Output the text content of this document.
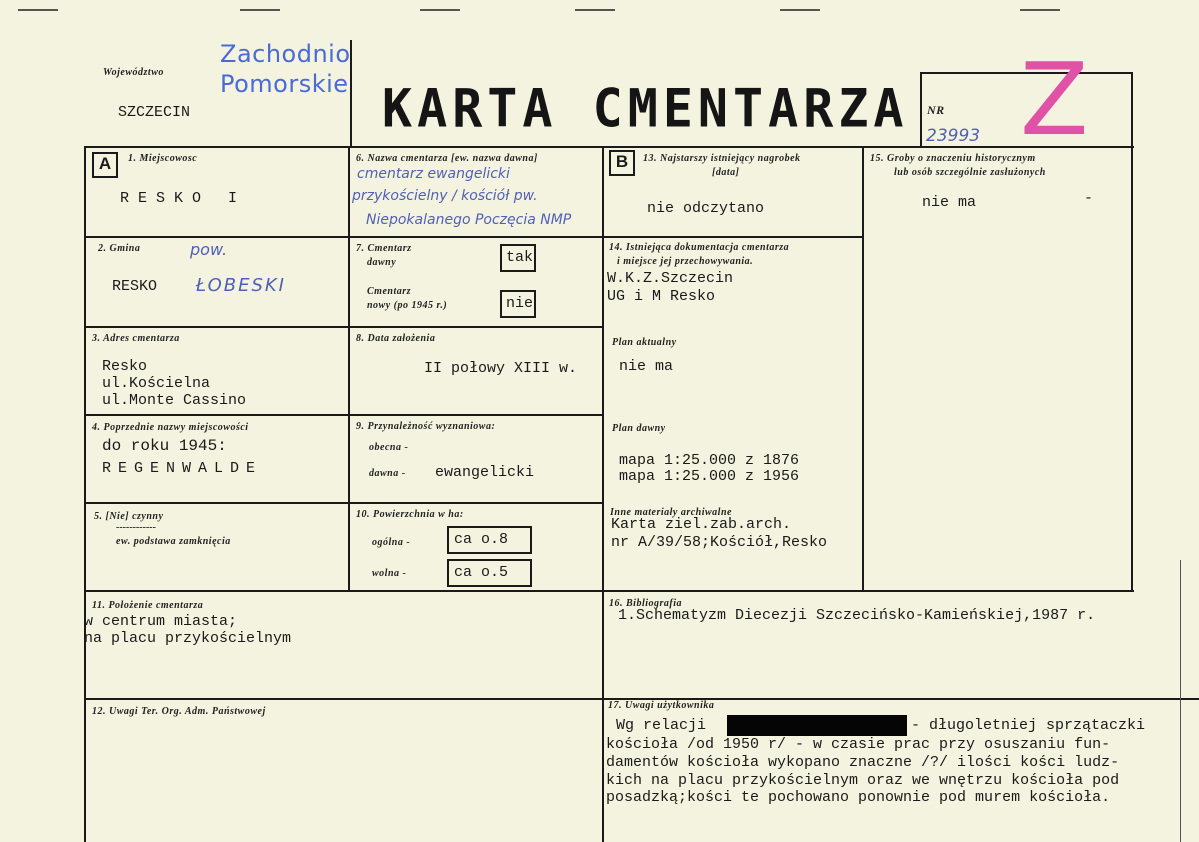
Województwo
SZCZECIN
Zachodnio
Pomorskie KARTA CMENTARZA NR
23993 Z
A	1. Miejscowosc
RESKO I
6. Nazwa cmentarza [ew. nazwa dawna]
cmentarz ewangelicki
przykościelny / kościół pw.
Niepokalanego Poczęcia NMP
B	13. Najstarszy istniejący nagrobek
[data]
nie odczytano
15. Groby o znaczeniu historycznym
lub osób szczególnie zasłużonych
nie ma	-
2. Gmina	pow.
RESKO ŁOBESKI
7. Cmentarz
dawny	tak
Cmentarz
nowy (po 1945 r.)	nie
14. Istniejąca dokumentacja cmentarza
i miejsce jej przechowywania.
W.K.Z.Szczecin
UG i M Resko
3. Adres cmentarza
Resko
ul.Kościelna
ul.Monte Cassino
8. Data założenia
II połowy XIII w.
Plan aktualny
nie ma
4. Poprzednie nazwy miejscowości
do roku 1945:
REGENWALDE
9. Przynależność wyznaniowa:
obecna -
dawna - ewangelicki
Plan dawny
mapa 1:25.000 z 1876
mapa 1:25.000 z 1956
5. [Nie] czynny
------------
ew. podstawa zamknięcia
10. Powierzchnia w ha:
ogólna -	ca o.8
wolna -	ca o.5
Inne materiały archiwalne
Karta ziel.zab.arch.
nr A/39/58;Kościół,Resko
11. Położenie cmentarza
w centrum miasta;
na placu przykościelnym
16. Bibliografia
1.Schematyzm Diecezji Szczecińsko-Kamieńskiej,1987 r.
12. Uwagi Ter. Org. Adm. Państwowej
17. Uwagi użytkownika
Wg relacji	- długoletniej sprzątaczki
kościoła /od 1950 r/ - w czasie prac przy osuszaniu fun-
damentów kościoła wykopano znaczne /?/ ilości kości ludz-
kich na placu przykościelnym oraz we wnętrzu kościoła pod
posadzką;kości te pochowano ponownie pod murem kościoła.
